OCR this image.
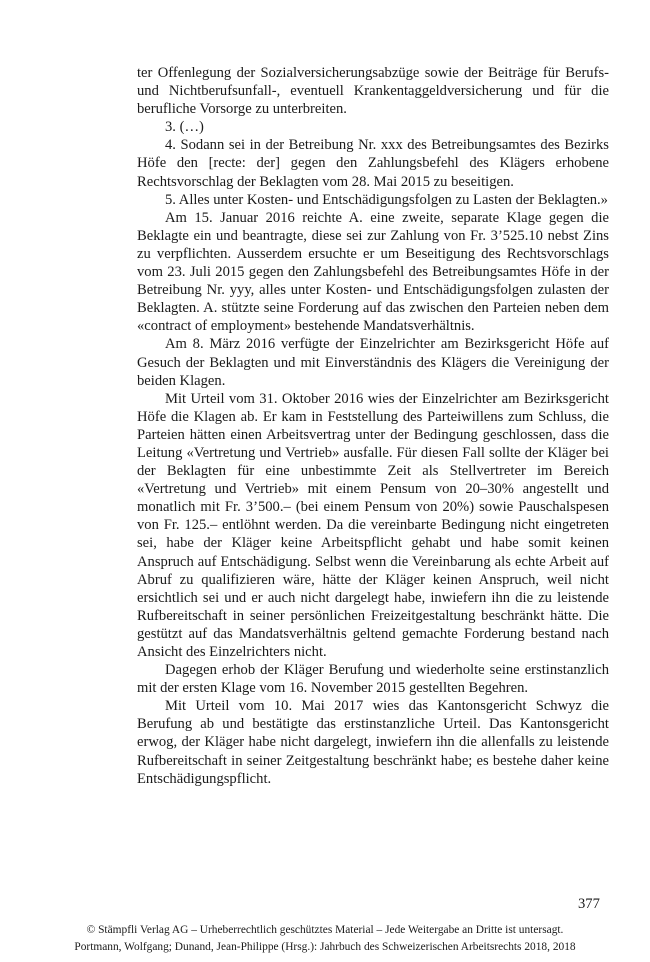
ter Offenlegung der Sozialversicherungsabzüge sowie der Beiträge für Berufs- und Nichtberufsunfall-, eventuell Krankentaggeldversicherung und für die berufliche Vorsorge zu unterbreiten.

3. (…)

4. Sodann sei in der Betreibung Nr. xxx des Betreibungsamtes des Bezirks Höfe den [recte: der] gegen den Zahlungsbefehl des Klägers erhobene Rechtsvorschlag der Beklagten vom 28. Mai 2015 zu beseitigen.

5. Alles unter Kosten- und Entschädigungsfolgen zu Lasten der Beklagten.»

Am 15. Januar 2016 reichte A. eine zweite, separate Klage gegen die Beklagte ein und beantragte, diese sei zur Zahlung von Fr. 3’525.10 nebst Zins zu verpflichten. Ausserdem ersuchte er um Beseitigung des Rechtsvorschlags vom 23. Juli 2015 gegen den Zahlungsbefehl des Betreibungsamtes Höfe in der Betreibung Nr. yyy, alles unter Kosten- und Entschädigungsfolgen zulasten der Beklagten. A. stützte seine Forderung auf das zwischen den Parteien neben dem «contract of employment» bestehende Mandatsverhältnis.

Am 8. März 2016 verfügte der Einzelrichter am Bezirksgericht Höfe auf Gesuch der Beklagten und mit Einverständnis des Klägers die Vereinigung der beiden Klagen.

Mit Urteil vom 31. Oktober 2016 wies der Einzelrichter am Bezirksgericht Höfe die Klagen ab. Er kam in Feststellung des Parteiwillens zum Schluss, die Parteien hätten einen Arbeitsvertrag unter der Bedingung geschlossen, dass die Leitung «Vertretung und Vertrieb» ausfalle. Für diesen Fall sollte der Kläger bei der Beklagten für eine unbestimmte Zeit als Stellvertreter im Bereich «Vertretung und Vertrieb» mit einem Pensum von 20–30% angestellt und monatlich mit Fr. 3’500.– (bei einem Pensum von 20%) sowie Pauschalspesen von Fr. 125.– entlöhnt werden. Da die vereinbarte Bedingung nicht eingetreten sei, habe der Kläger keine Arbeitspflicht gehabt und habe somit keinen Anspruch auf Entschädigung. Selbst wenn die Vereinbarung als echte Arbeit auf Abruf zu qualifizieren wäre, hätte der Kläger keinen Anspruch, weil nicht ersichtlich sei und er auch nicht dargelegt habe, inwiefern ihn die zu leistende Rufbereitschaft in seiner persönlichen Freizeitgestaltung beschränkt hätte. Die gestützt auf das Mandatsverhältnis geltend gemachte Forderung bestand nach Ansicht des Einzelrichters nicht.

Dagegen erhob der Kläger Berufung und wiederholte seine erstinstanzlich mit der ersten Klage vom 16. November 2015 gestellten Begehren.

Mit Urteil vom 10. Mai 2017 wies das Kantonsgericht Schwyz die Berufung ab und bestätigte das erstinstanzliche Urteil. Das Kantonsgericht erwog, der Kläger habe nicht dargelegt, inwiefern ihn die allenfalls zu leistende Rufbereitschaft in seiner Zeitgestaltung beschränkt habe; es bestehe daher keine Entschädigungspflicht.

377
© Stämpfli Verlag AG – Urheberrechtlich geschütztes Material – Jede Weitergabe an Dritte ist untersagt.
Portmann, Wolfgang; Dunand, Jean-Philippe (Hrsg.): Jahrbuch des Schweizerischen Arbeitsrechts 2018, 2018
